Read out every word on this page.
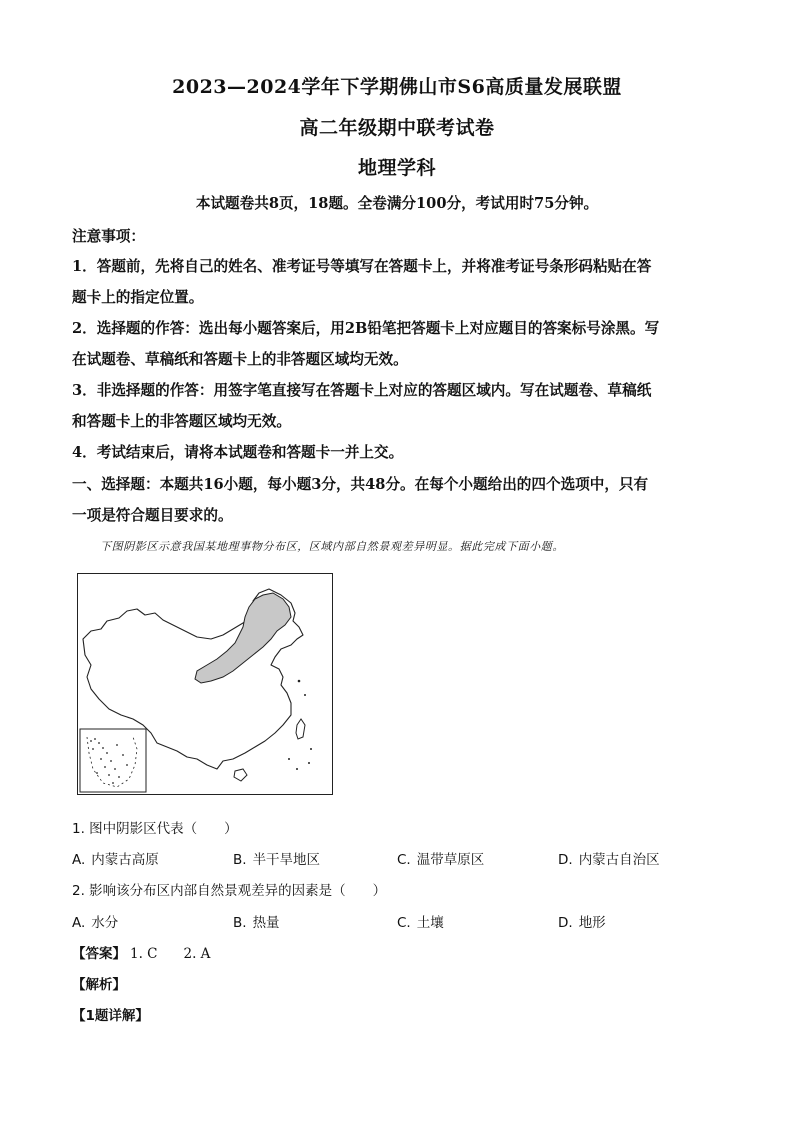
2023—2024学年下学期佛山市S6高质量发展联盟
高二年级期中联考试卷
地理学科
本试题卷共8页，18题。全卷满分100分，考试用时75分钟。
注意事项：
1．答题前，先将自己的姓名、准考证号等填写在答题卡上，并将准考证号条形码粘贴在答
题卡上的指定位置。
2．选择题的作答：选出每小题答案后，用2B铅笔把答题卡上对应题目的答案标号涂黑。写
在试题卷、草稿纸和答题卡上的非答题区域均无效。
3．非选择题的作答：用签字笔直接写在答题卡上对应的答题区域内。写在试题卷、草稿纸
和答题卡上的非答题区域均无效。
4．考试结束后，请将本试题卷和答题卡一并上交。
一、选择题：本题共16小题，每小题3分，共48分。在每个小题给出的四个选项中，只有
一项是符合题目要求的。
下图阴影区示意我国某地理事物分布区，区域内部自然景观差异明显。据此完成下面小题。
1. 图中阴影区代表（　　）
A. 内蒙古高原	B. 半干旱地区	C. 温带草原区	D. 内蒙古自治区
2. 影响该分布区内部自然景观差异的因素是（　　）
A. 水分	B. 热量	C. 土壤	D. 地形
【答案】 1. C 2. A
【解析】
【1题详解】
